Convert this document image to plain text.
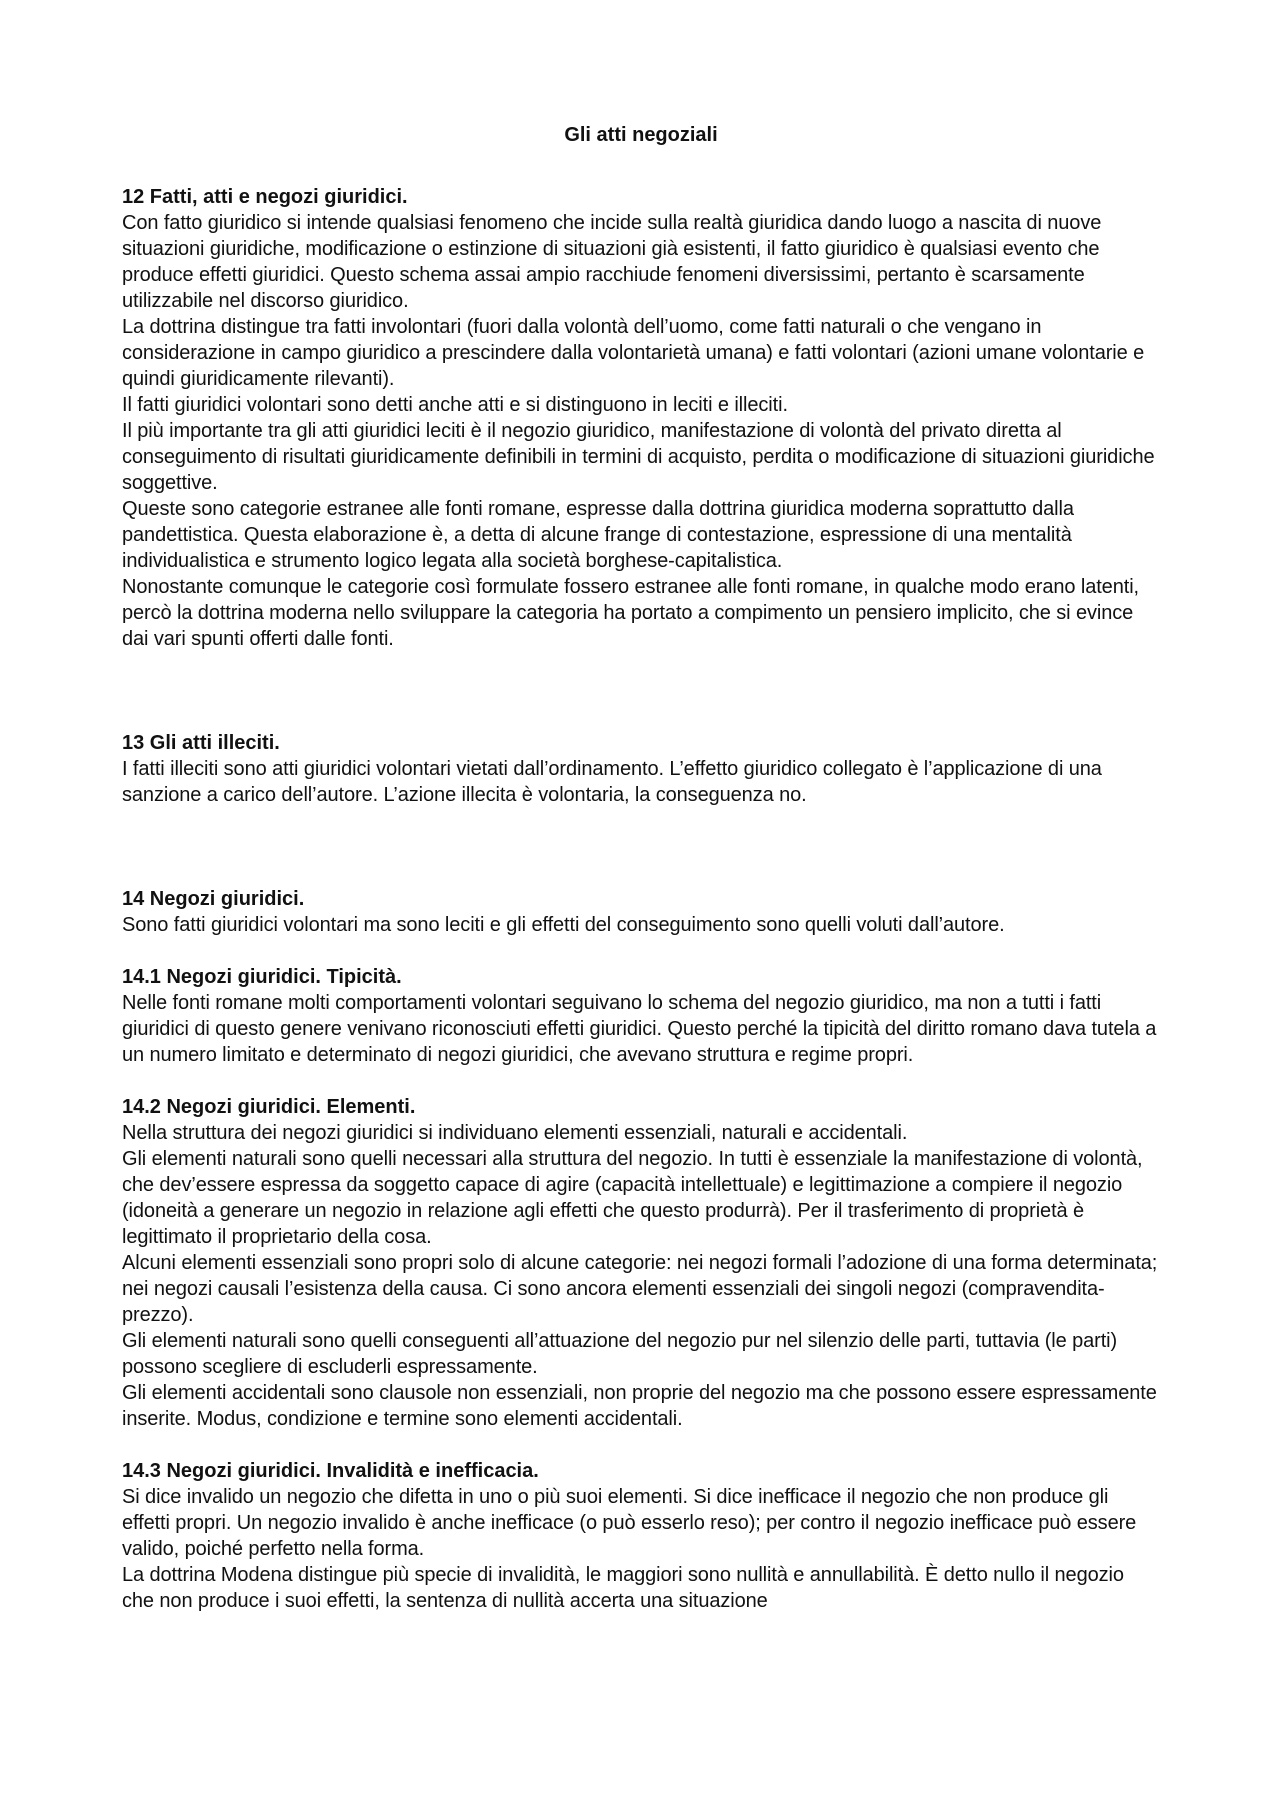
Gli atti negoziali
12 Fatti, atti e negozi giuridici.

Con fatto giuridico si intende qualsiasi fenomeno che incide sulla realtà giuridica dando luogo a nascita di nuove situazioni giuridiche, modificazione o estinzione di situazioni già esistenti, il fatto giuridico è qualsiasi evento che produce effetti giuridici. Questo schema assai ampio racchiude fenomeni diversissimi, pertanto è scarsamente utilizzabile nel discorso giuridico.

La dottrina distingue tra fatti involontari (fuori dalla volontà dell’uomo, come fatti naturali o che vengano in considerazione in campo giuridico a prescindere dalla volontarietà umana) e fatti volontari (azioni umane volontarie e quindi giuridicamente rilevanti).

Il fatti giuridici volontari sono detti anche atti e si distinguono in leciti e illeciti.

Il più importante tra gli atti giuridici leciti è il negozio giuridico, manifestazione di volontà del privato diretta al conseguimento di risultati giuridicamente definibili in termini di acquisto, perdita o modificazione di situazioni giuridiche soggettive.

Queste sono categorie estranee alle fonti romane, espresse dalla dottrina giuridica moderna soprattutto dalla pandettistica. Questa elaborazione è, a detta di alcune frange di contestazione, espressione di una mentalità individualistica e strumento logico legata alla società borghese-capitalistica.

Nonostante comunque le categorie così formulate fossero estranee alle fonti romane, in qualche modo erano latenti, percò la dottrina moderna nello sviluppare la categoria ha portato a compimento un pensiero implicito, che si evince dai vari spunti offerti dalle fonti.

13 Gli atti illeciti.

I fatti illeciti sono atti giuridici volontari vietati dall’ordinamento. L’effetto giuridico collegato è l’applicazione di una sanzione a carico dell’autore. L’azione illecita è volontaria, la conseguenza no.

14 Negozi giuridici.

Sono fatti giuridici volontari ma sono leciti e gli effetti del conseguimento sono quelli voluti dall’autore.

14.1 Negozi giuridici. Tipicità.

Nelle fonti romane molti comportamenti volontari seguivano lo schema del negozio giuridico, ma non a tutti i fatti giuridici di questo genere venivano riconosciuti effetti giuridici. Questo perché la tipicità del diritto romano dava tutela a un numero limitato e determinato di negozi giuridici, che avevano struttura e regime propri.

14.2 Negozi giuridici. Elementi.

Nella struttura dei negozi giuridici si individuano elementi essenziali, naturali e accidentali.

Gli elementi naturali sono quelli necessari alla struttura del negozio. In tutti è essenziale la manifestazione di volontà, che dev’essere espressa da soggetto capace di agire (capacità intellettuale) e legittimazione a compiere il negozio (idoneità a generare un negozio in relazione agli effetti che questo produrrà). Per il trasferimento di proprietà è legittimato il proprietario della cosa.

Alcuni elementi essenziali sono propri solo di alcune categorie: nei negozi formali l’adozione di una forma determinata; nei negozi causali l’esistenza della causa. Ci sono ancora elementi essenziali dei singoli negozi (compravendita-prezzo).

Gli elementi naturali sono quelli conseguenti all’attuazione del negozio pur nel silenzio delle parti, tuttavia (le parti) possono scegliere di escluderli espressamente.

Gli elementi accidentali sono clausole non essenziali, non proprie del negozio ma che possono essere espressamente inserite. Modus, condizione e termine sono elementi accidentali.

14.3 Negozi giuridici. Invalidità e inefficacia.

Si dice invalido un negozio che difetta in uno o più suoi elementi. Si dice inefficace il negozio che non produce gli effetti propri. Un negozio invalido è anche inefficace (o può esserlo reso); per contro il negozio inefficace può essere valido, poiché perfetto nella forma.

La dottrina Modena distingue più specie di invalidità, le maggiori sono nullità e annullabilità. È detto nullo il negozio che non produce i suoi effetti, la sentenza di nullità accerta una situazione
